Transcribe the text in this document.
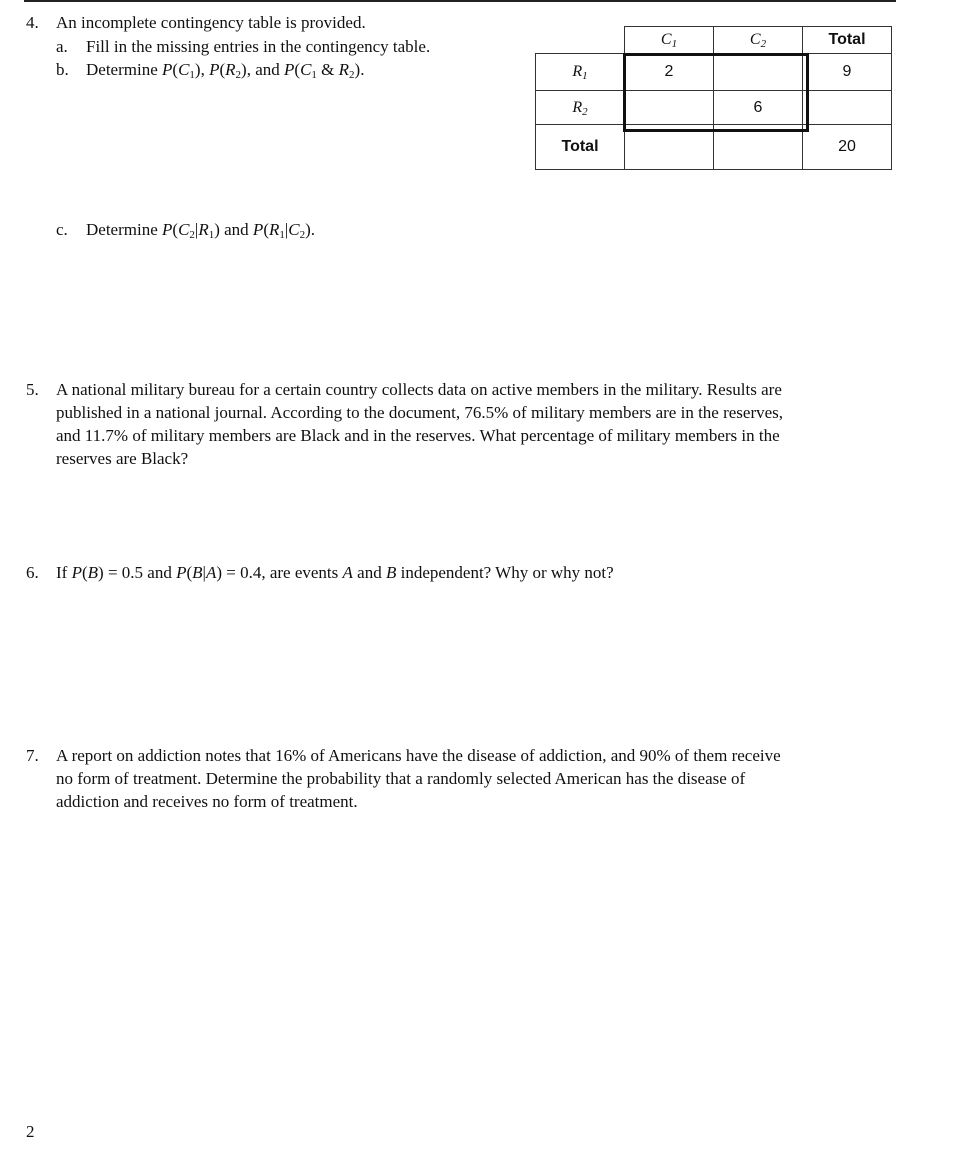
4. An incomplete contingency table is provided.
a. Fill in the missing entries in the contingency table.
b. Determine $P(C_1)$, $P(R_2)$, and $P(C_1$ & $R_2$).
	$C_1$	$C_2$	Total
$R_1$	2		9
$R_2$		6	
Total			20
c. Determine $P(C_2|R_1)$ and $P(R_1|C_2)$.
5. A national military bureau for a certain country collects data on active members in the military. Results are
published in a national journal. According to the document, 76.5% of military members are in the reserves,
and 11.7% of military members are Black and in the reserves. What percentage of military members in the
reserves are Black?
6. If P(B) = 0.5 and P(B|A) = 0.4, are events A and B independent? Why or why not?
7. A report on addiction notes that 16% of Americans have the disease of addiction, and 90% of them receive
no form of treatment. Determine the probability that a randomly selected American has the disease of
addiction and receives no form of treatment.
2
